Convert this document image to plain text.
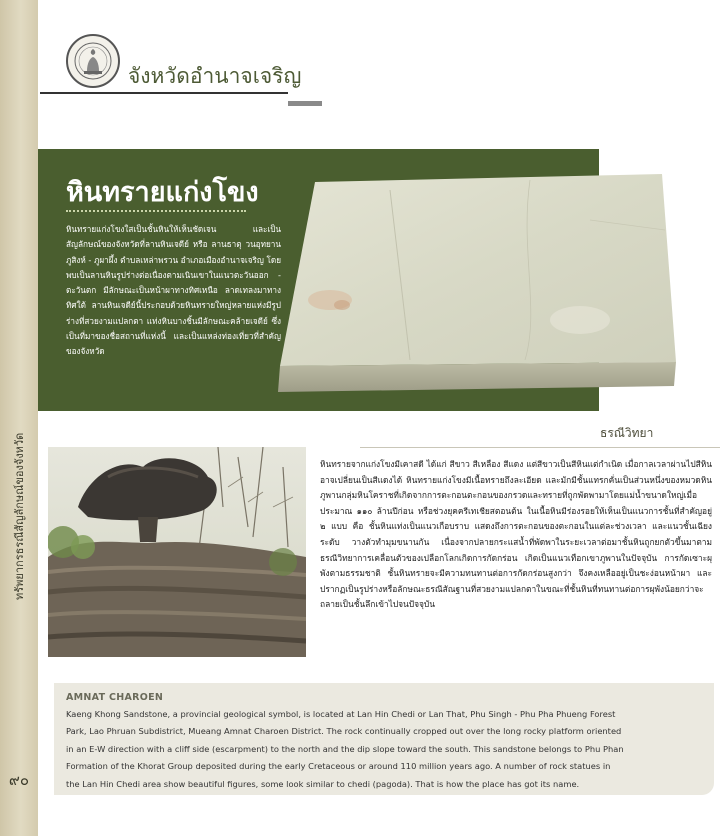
ทรัพยากรธรณีสัญลักษณ์ของจังหวัด
๙๐
จังหวัดอำนาจเจริญ
หินทรายแก่งโขง
หินทรายแก่งโขงใสเป็นชั้นหินให้เห็นชัดเจน และเป็นสัญลักษณ์ของจังหวัดที่ลานหินเจดีย์ หรือ ลานธาตุ วนอุทยานภูสิงห์ - ภูผาผึ้ง ตำบลเหล่าพรวน อำเภอเมืองอำนาจเจริญ โดยพบเป็นลานหินรูปร่างต่อเนื่องตามเนินเขาในแนวตะวันออก - ตะวันตก มีลักษณะเป็นหน้าผาทางทิศเหนือ ลาดเทลงมาทางทิศใต้ ลานหินเจดีย์นี้ประกอบด้วยหินทรายใหญ่หลายแห่งมีรูปร่างที่สวยงามแปลกตา แท่งหินบางชิ้นมีลักษณะคล้ายเจดีย์ ซึ่งเป็นที่มาของชื่อสถานที่แห่งนี้ และเป็นแหล่งท่องเที่ยวที่สำคัญของจังหวัด
ธรณีวิทยา
หินทรายจากแก่งโขงมีเคาสดี ได้แก่ สีขาว สีเหลือง สีแดง แต่สีขาวเป็นสีหินแต่กำเนิด เมื่อกาลเวลาผ่านไปสีหินอาจเปลี่ยนเป็นสีแดงได้ หินทรายแก่งโขงมีเนื้อทรายถึงละเอียด และมักมีชั้นแทรกคั่นเป็นส่วนหนึ่งของหมวดหินภูพานกลุ่มหินโคราชที่เกิดจากการตะกอนตะกอนของกรวดและทรายที่ถูกพัดพามาโดยแม่น้ำขนาดใหญ่เมื่อประมาณ ๑๑๐ ล้านปีก่อน หรือช่วงยุคครีเทเชียสตอนต้น ในเนื้อหินมีร่องรอยให้เห็นเป็นแนวการชั้นที่สำคัญอยู่ ๒ แบบ คือ ชั้นหินแท่งเป็นแนวเกือบราบ แสดงถึงการตะกอนของตะกอนในแต่ละช่วงเวลา และแนวชั้นเฉียงระดับ วางตัวทำมุมขนานกัน เนื่องจากปลายกระแสน้ำที่พัดพาในระยะเวลาต่อมาชั้นหินถูกยกตัวขึ้นมาตามธรณีวิทยาการเคลื่อนตัวของเปลือกโลกเกิดการกัดกร่อน เกิดเป็นแนวเทือกเขาภูพานในปัจจุบัน การกัดเซาะผุพังตามธรรมชาติ ชั้นหินทรายจะมีความทนทานต่อการกัดกร่อนสูงกว่า จึงคงเหลืออยู่เป็นชะง่อนหน้าผา และปรากฏเป็นรูปร่างหรือลักษณะธรณีสัณฐานที่สวยงามแปลกตาในขณะที่ชั้นหินที่ทนทานต่อการผุพังน้อยกว่าจะถลายเป็นชั้นลึกเข้าไปจนปัจจุบัน
AMNAT CHAROEN
Kaeng Khong Sandstone, a provincial geological symbol, is located at Lan Hin Chedi or Lan That, Phu Singh - Phu Pha Phueng Forest Park, Lao Phruan Subdistrict, Mueang Amnat Charoen District. The rock continually cropped out over the long rocky platform oriented in an E-W direction with a cliff side (escarpment) to the north and the dip slope toward the south. This sandstone belongs to Phu Phan Formation of the Khorat Group deposited during the early Cretaceous or around 110 million years ago. A number of rock statues in the Lan Hin Chedi area show beautiful figures, some look similar to chedi (pagoda). That is how the place has got its name.
